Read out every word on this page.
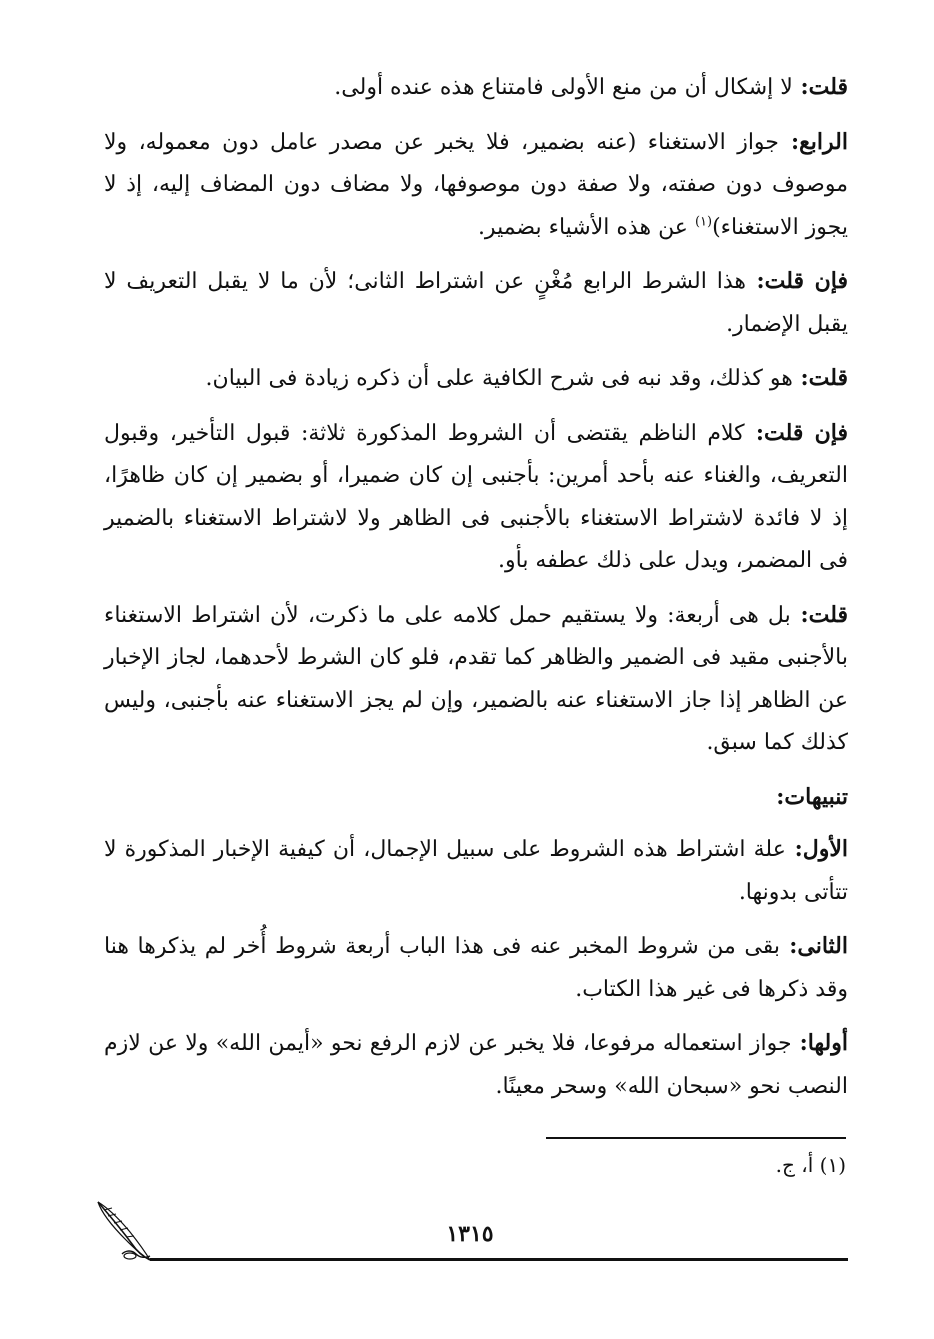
قلت: لا إشكال أن من منع الأولى فامتناع هذه عنده أولى.

الرابع: جواز الاستغناء (عنه بضمير، فلا يخبر عن مصدر عامل دون معموله، ولا موصوف دون صفته، ولا صفة دون موصوفها، ولا مضاف دون المضاف إليه، إذ لا يجوز الاستغناء)$^{(١)}$ عن هذه الأشياء بضمير.

فإن قلت: هذا الشرط الرابع مُغْنٍ عن اشتراط الثانى؛ لأن ما لا يقبل التعريف لا يقبل الإضمار.

قلت: هو كذلك، وقد نبه فى شرح الكافية على أن ذكره زيادة فى البيان.

فإن قلت: كلام الناظم يقتضى أن الشروط المذكورة ثلاثة: قبول التأخير، وقبول التعريف، والغناء عنه بأحد أمرين: بأجنبى إن كان ضميرا، أو بضمير إن كان ظاهرًا، إذ لا فائدة لاشتراط الاستغناء بالأجنبى فى الظاهر ولا لاشتراط الاستغناء بالضمير فى المضمر، ويدل على ذلك عطفه بأو.

قلت: بل هى أربعة: ولا يستقيم حمل كلامه على ما ذكرت، لأن اشتراط الاستغناء بالأجنبى مقيد فى الضمير والظاهر كما تقدم، فلو كان الشرط لأحدهما، لجاز الإخبار عن الظاهر إذا جاز الاستغناء عنه بالضمير، وإن لم يجز الاستغناء عنه بأجنبى، وليس كذلك كما سبق.

تنبيهات:

الأول: علة اشتراط هذه الشروط على سبيل الإجمال، أن كيفية الإخبار المذكورة لا تتأتى بدونها.

الثانى: بقى من شروط المخبر عنه فى هذا الباب أربعة شروط أُخر لم يذكرها هنا وقد ذكرها فى غير هذا الكتاب.

أولها: جواز استعماله مرفوعا، فلا يخبر عن لازم الرفع نحو «أيمن الله» ولا عن لازم النصب نحو «سبحان الله» وسحر معينًا.

(١) أ، ج.
١٣١٥
